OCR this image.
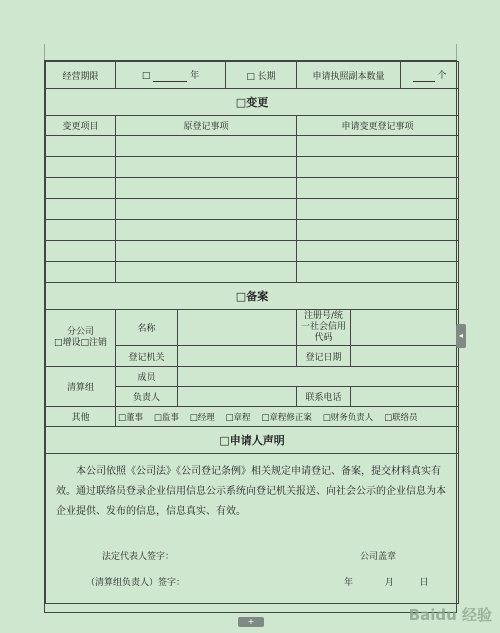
经营期限	□	年	□ 长期	申请执照副本数量	个
□变更
变更项目	原登记事项	申请变更登记事项

□备案
分公司
□增设□注销	名称		注册号/统一社会信用代码	
登记机关		登记日期	
清算组	成员	
负责人		联系电话	
其他	□董事 □监事 □经理 □章程 □章程修正案 □财务负责人 □联络员
□申请人声明

本公司依照《公司法》《公司登记条例》相关规定申请登记、备案，提交材料真实有效。通过联络员登录企业信用信息公示系统向登记机关报送、向社会公示的企业信息为本企业提供、发布的信息，信息真实、有效。
法定代表人签字：	公司盖章
（清算组负责人）签字：	年	月	日
◂
+	Baidu 经验
